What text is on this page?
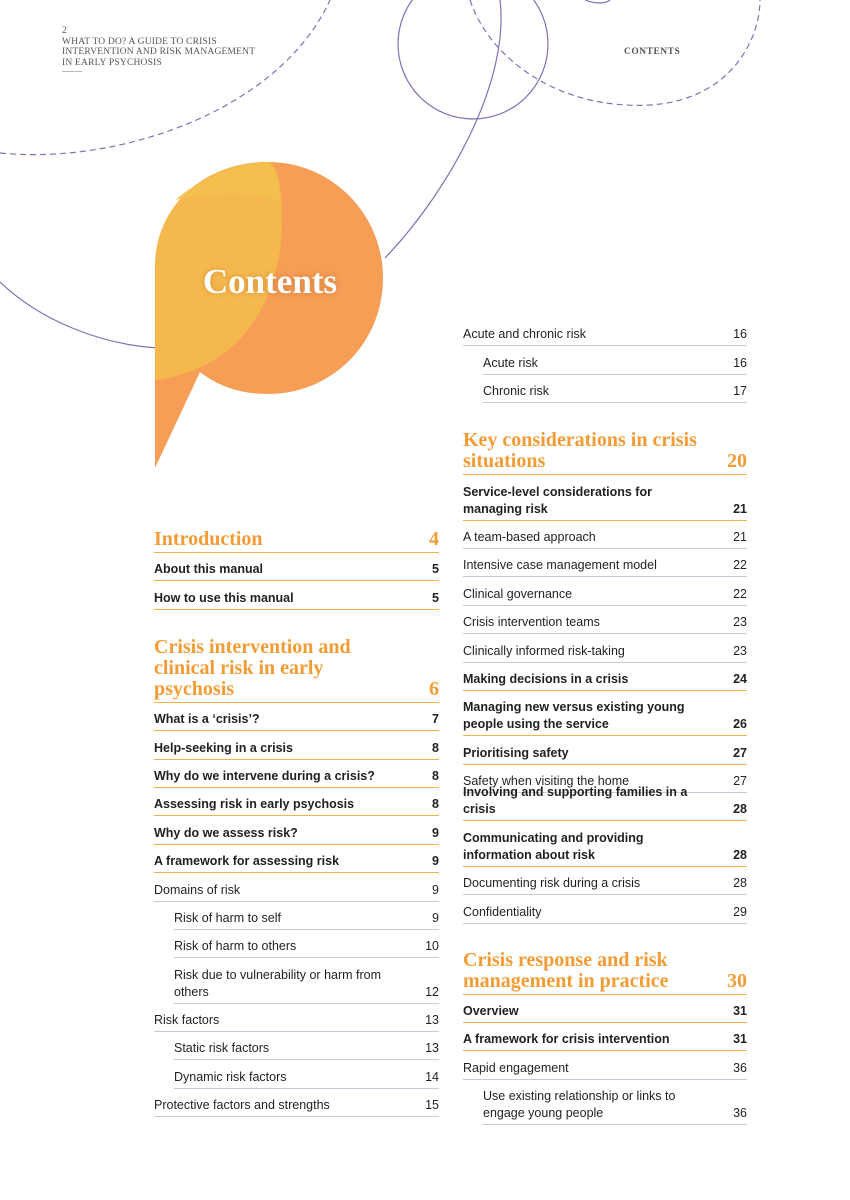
2
WHAT TO DO? A GUIDE TO CRISIS
INTERVENTION AND RISK MANAGEMENT
IN EARLY PSYCHOSIS
CONTENTS
Contents
Introduction	4
About this manual	5
How to use this manual	5
Crisis intervention and clinical risk in early psychosis	6
What is a ‘crisis’?	7
Help-seeking in a crisis	8
Why do we intervene during a crisis?	8
Assessing risk in early psychosis	8
Why do we assess risk?	9
A framework for assessing risk	9
Domains of risk	9
Risk of harm to self	9
Risk of harm to others	10
Risk due to vulnerability or harm from others	12
Risk factors	13
Static risk factors	13
Dynamic risk factors	14
Protective factors and strengths	15
Acute and chronic risk	16
Acute risk	16
Chronic risk	17
Key considerations in crisis situations	20
Service-level considerations for managing risk	21
A team-based approach	21
Intensive case management model	22
Clinical governance	22
Crisis intervention teams	23
Clinically informed risk-taking	23
Making decisions in a crisis	24
Managing new versus existing young people using the service	26
Prioritising safety	27
Safety when visiting the home	27
Involving and supporting families in a crisis	28
Communicating and providing information about risk	28
Documenting risk during a crisis	28
Confidentiality	29
Crisis response and risk management in practice	30
Overview	31
A framework for crisis intervention	31
Rapid engagement	36
Use existing relationship or links to engage young people	36
